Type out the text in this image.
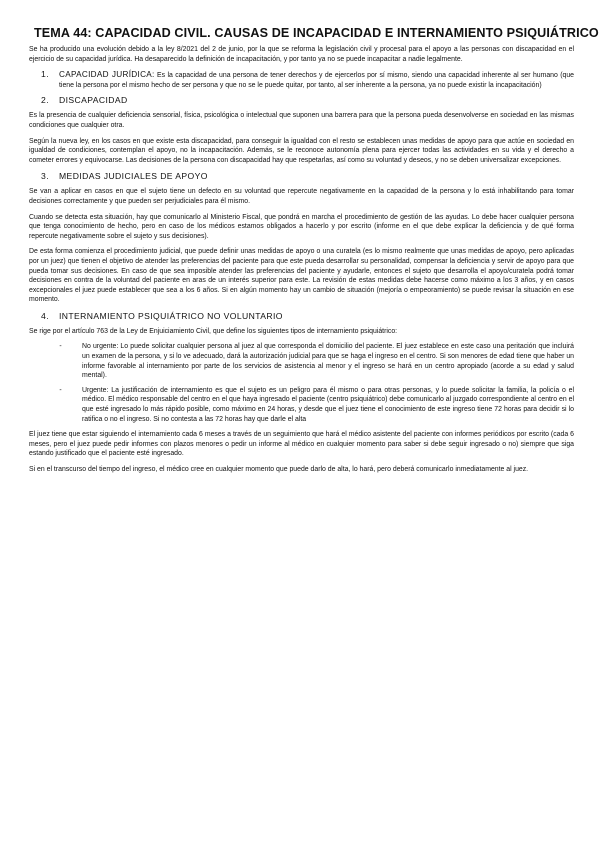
TEMA 44: CAPACIDAD CIVIL. CAUSAS DE INCAPACIDAD E INTERNAMIENTO PSIQUIÁTRICO

Se ha producido una evolución debido a la ley 8/2021 del 2 de junio, por la que se reforma la legislación civil y procesal para el apoyo a las personas con discapacidad en el ejercicio de su capacidad jurídica. Ha desaparecido la definición de incapacitación, y por tanto ya no se puede incapacitar a nadie legalmente.

1.	CAPACIDAD JURÍDICA: Es la capacidad de una persona de tener derechos y de ejercerlos por sí mismo, siendo una capacidad inherente al ser humano (que tiene la persona por el mismo hecho de ser persona y que no se le puede quitar, por tanto, al ser inherente a la persona, ya no puede existir la incapacitación)
2.	DISCAPACIDAD

Es la presencia de cualquier deficiencia sensorial, física, psicológica o intelectual que suponen una barrera para que la persona pueda desenvolverse en sociedad en las mismas condiciones que cualquier otra.

Según la nueva ley, en los casos en que existe esta discapacidad, para conseguir la igualdad con el resto se establecen unas medidas de apoyo para que actúe en sociedad en igualdad de condiciones, contemplan el apoyo, no la incapacitación. Además, se le reconoce autonomía plena para ejercer todas las actividades en su vida y el derecho a cometer errores y equivocarse. Las decisiones de la persona con discapacidad hay que respetarlas, así como su voluntad y deseos, y no se deben universalizar excepciones.

3.	MEDIDAS JUDICIALES DE APOYO

Se van a aplicar en casos en que el sujeto tiene un defecto en su voluntad que repercute negativamente en la capacidad de la persona y lo está inhabilitando para tomar decisiones correctamente y que pueden ser perjudiciales para él mismo.

Cuando se detecta esta situación, hay que comunicarlo al Ministerio Fiscal, que pondrá en marcha el procedimiento de gestión de las ayudas. Lo debe hacer cualquier persona que tenga conocimiento de hecho, pero en caso de los médicos estamos obligados a hacerlo y por escrito (informe en el que debe explicar la deficiencia y de qué forma repercute negativamente sobre el sujeto y sus decisiones).

De esta forma comienza el procedimiento judicial, que puede definir unas medidas de apoyo o una curatela (es lo mismo realmente que unas medidas de apoyo, pero aplicadas por un juez) que tienen el objetivo de atender las preferencias del paciente para que este pueda desarrollar su personalidad, compensar la deficiencia y servir de apoyo para que pueda tomar sus decisiones. En caso de que sea imposible atender las preferencias del paciente y ayudarle, entonces el sujeto que desarrolla el apoyo/curatela podrá tomar decisiones en contra de la voluntad del paciente en aras de un interés superior para este. La revisión de estas medidas debe hacerse como máximo a los 3 años, y en casos excepcionales el juez puede establecer que sea a los 6 años. Si en algún momento hay un cambio de situación (mejoría o empeoramiento) se puede revisar la situación en ese momento.

4.	INTERNAMIENTO PSIQUIÁTRICO NO VOLUNTARIO

Se rige por el artículo 763 de la Ley de Enjuiciamiento Civil, que define los siguientes tipos de internamiento psiquiátrico:

-	No urgente: Lo puede solicitar cualquier persona al juez al que corresponda el domicilio del paciente. El juez establece en este caso una peritación que incluirá un examen de la persona, y si lo ve adecuado, dará la autorización judicial para que se haga el ingreso en el centro. Si son menores de edad tiene que haber un informe favorable al internamiento por parte de los servicios de asistencia al menor y el ingreso se hará en un centro apropiado (acorde a su edad y salud mental).
-	Urgente: La justificación de internamiento es que el sujeto es un peligro para él mismo o para otras personas, y lo puede solicitar la familia, la policía o el médico. El médico responsable del centro en el que haya ingresado el paciente (centro psiquiátrico) debe comunicarlo al juzgado correspondiente al centro en el que esté ingresado lo más rápido posible, como máximo en 24 horas, y desde que el juez tiene el conocimiento de este ingreso tiene 72 horas para decidir si lo ratifica o no el ingreso. Si no contesta a las 72 horas hay que darle el alta

El juez tiene que estar siguiendo el internamiento cada 6 meses a través de un seguimiento que hará el médico asistente del paciente con informes periódicos por escrito (cada 6 meses, pero el juez puede pedir informes con plazos menores o pedir un informe al médico en cualquier momento para saber si debe seguir ingresado o no) siempre que siga estando justificado que el paciente esté ingresado.

Si en el transcurso del tiempo del ingreso, el médico cree en cualquier momento que puede darlo de alta, lo hará, pero deberá comunicarlo inmediatamente al juez.
